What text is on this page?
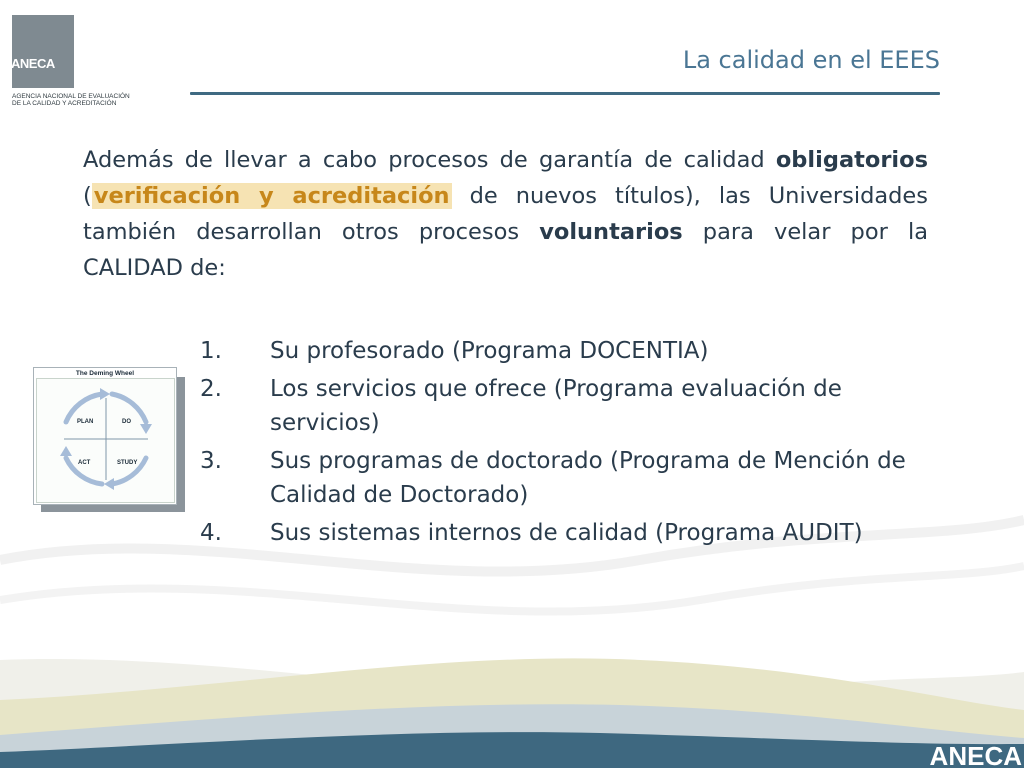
ANECA
AGENCIA NACIONAL DE EVALUACIÓN
DE LA CALIDAD Y ACREDITACIÓN
La calidad en el EEES

Además de llevar a cabo procesos de garantía de calidad obligatorios (verificación y acreditación de nuevos títulos), las Universidades también desarrollan otros procesos voluntarios para velar por la CALIDAD de:

1. Su profesorado (Programa DOCENTIA)
2. Los servicios que ofrece (Programa evaluación de servicios)
3. Sus programas de doctorado (Programa de Mención de Calidad de Doctorado)
4. Sus sistemas internos de calidad (Programa AUDIT)
The Deming Wheel
PLAN	DO
ACT	STUDY
ANECA
